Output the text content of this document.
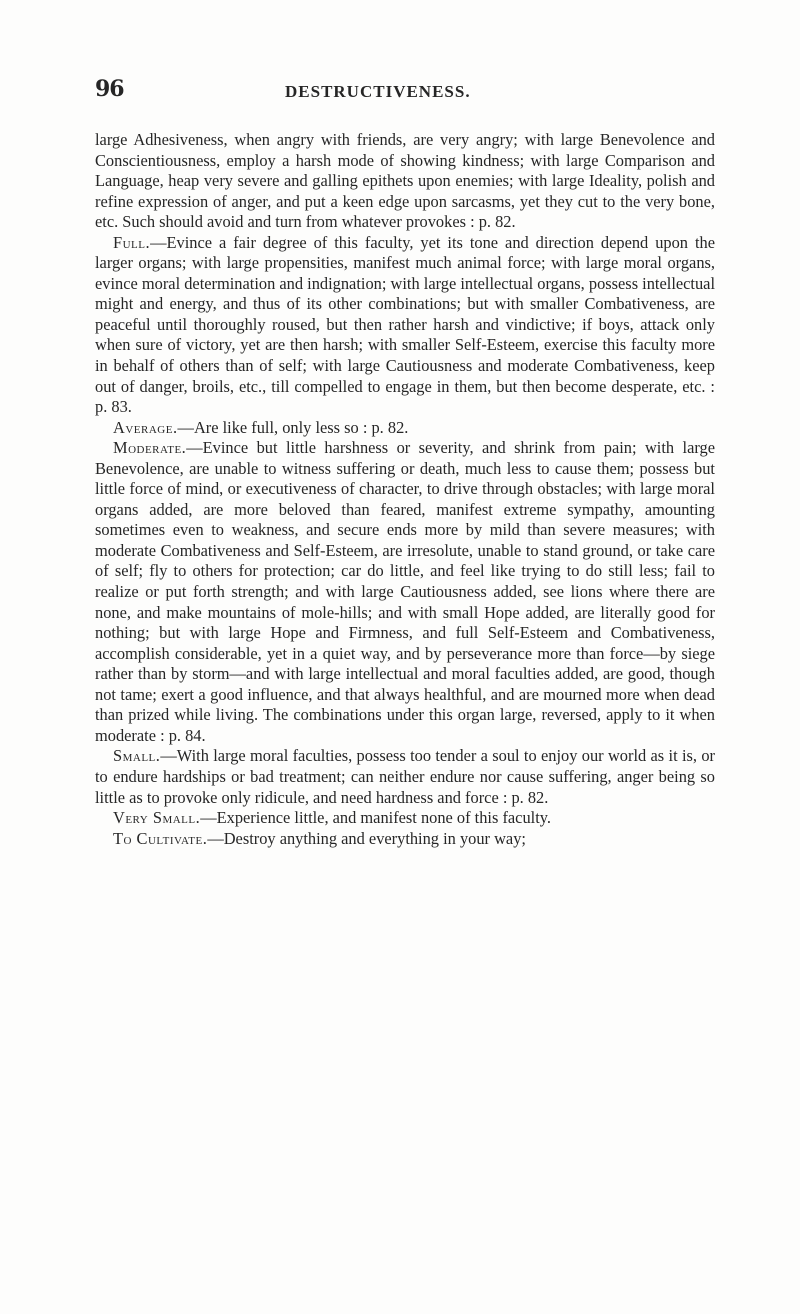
96	DESTRUCTIVENESS.

large Adhesiveness, when angry with friends, are very angry; with large Benevolence and Conscientiousness, employ a harsh mode of showing kindness; with large Comparison and Language, heap very severe and galling epithets upon enemies; with large Ideality, polish and refine expression of anger, and put a keen edge upon sarcasms, yet they cut to the very bone, etc. Such should avoid and turn from whatever provokes : p. 82.

Full.—Evince a fair degree of this faculty, yet its tone and direction depend upon the larger organs; with large propensities, manifest much animal force; with large moral organs, evince moral determination and indignation; with large intellectual organs, possess intellectual might and energy, and thus of its other combinations; but with smaller Combativeness, are peaceful until thoroughly roused, but then rather harsh and vindictive; if boys, attack only when sure of victory, yet are then harsh; with smaller Self-Esteem, exercise this faculty more in behalf of others than of self; with large Cautiousness and moderate Combativeness, keep out of danger, broils, etc., till compelled to engage in them, but then become desperate, etc. : p. 83.

Average.—Are like full, only less so : p. 82.

Moderate.—Evince but little harshness or severity, and shrink from pain; with large Benevolence, are unable to witness suffering or death, much less to cause them; possess but little force of mind, or executiveness of character, to drive through obstacles; with large moral organs added, are more beloved than feared, manifest extreme sympathy, amounting sometimes even to weakness, and secure ends more by mild than severe measures; with moderate Combativeness and Self-Esteem, are irresolute, unable to stand ground, or take care of self; fly to others for protection; car do little, and feel like trying to do still less; fail to realize or put forth strength; and with large Cautiousness added, see lions where there are none, and make mountains of mole-hills; and with small Hope added, are literally good for nothing; but with large Hope and Firmness, and full Self-Esteem and Combativeness, accomplish considerable, yet in a quiet way, and by perseverance more than force—by siege rather than by storm—and with large intellectual and moral faculties added, are good, though not tame; exert a good influence, and that always healthful, and are mourned more when dead than prized while living. The combinations under this organ large, reversed, apply to it when moderate : p. 84.

Small.—With large moral faculties, possess too tender a soul to enjoy our world as it is, or to endure hardships or bad treatment; can neither endure nor cause suffering, anger being so little as to provoke only ridicule, and need hardness and force : p. 82.

Very Small.—Experience little, and manifest none of this faculty.

To Cultivate.—Destroy anything and everything in your way;
